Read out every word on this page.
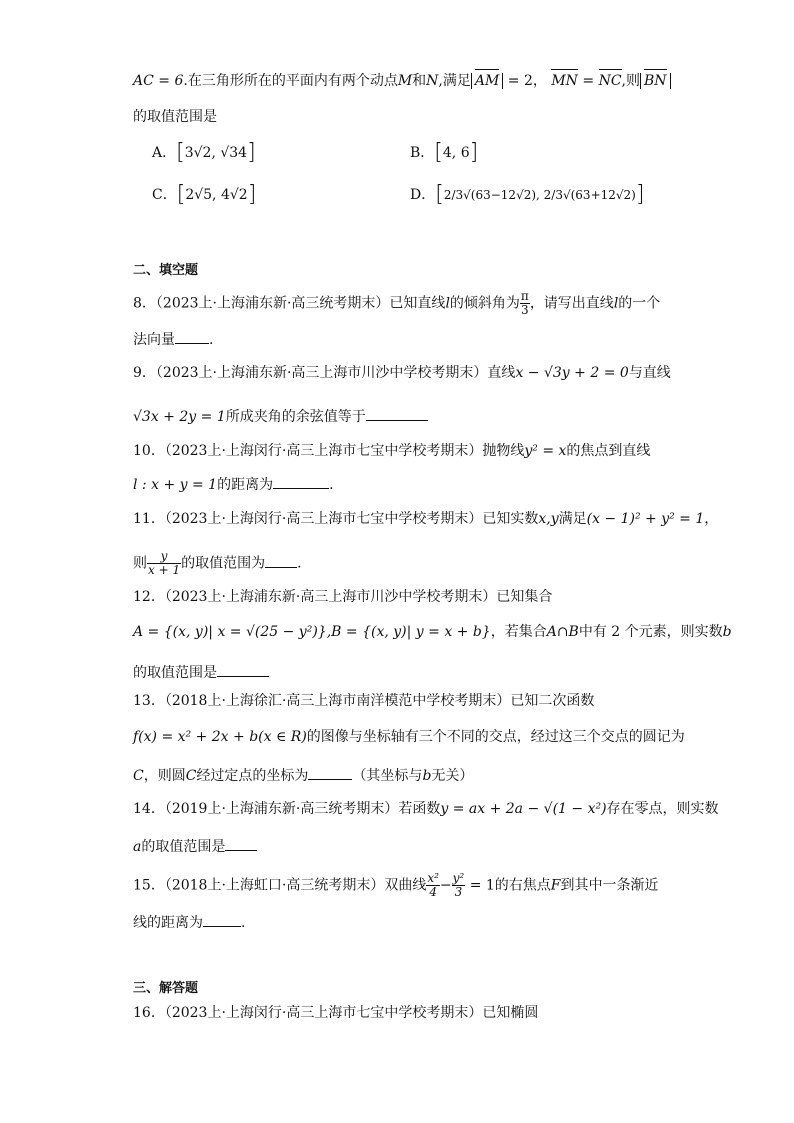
AC = 6.在三角形所在的平面内有两个动点M和N,满足 AM = 2， MN = NC,则 BN
的取值范围是
A．[3√2, √34]	B．[4, 6]
C．[2√5, 4√2]	D．[2/3√(63−12√2), 2/3√(63+12√2)]
二、填空题
8．（2023上·上海浦东新·高三统考期末）已知直线l的倾斜角为 $\frac{\pi}{3}$ ，请写出直线l的一个
法向量 .
9．（2023上·上海浦东新·高三上海市川沙中学校考期末）直线x − √3y + 2 = 0与直线
√3x + 2y = 1所成夹角的余弦值等于
10．（2023上·上海闵行·高三上海市七宝中学校考期末）抛物线y² = x的焦点到直线
l : x + y = 1的距离为	.
11．（2023上·上海闵行·高三上海市七宝中学校考期末）已知实数x,y满足(x − 1)² + y² = 1，
则 $\frac{y}{x + 1}$ 的取值范围为 .
12．（2023上·上海浦东新·高三上海市川沙中学校考期末）已知集合
A = {(x, y)| x = √(25 − y²)},B = {(x, y)| y = x + b}，若集合A∩B中有 2 个元素，则实数b
的取值范围是
13．（2018上·上海徐汇·高三上海市南洋模范中学校考期末）已知二次函数
f(x) = x² + 2x + b(x ∈ R)的图像与坐标轴有三个不同的交点，经过这三个交点的圆记为
C，则圆C经过定点的坐标为	（其坐标与b无关）
14．（2019上·上海浦东新·高三统考期末）若函数y = ax + 2a − √(1 − x²)存在零点，则实数
a的取值范围是
15．（2018上·上海虹口·高三统考期末）双曲线 $\frac{\text{x²}}{4} - \frac{\text{y²}}{3} = 1$的右焦点F到其中一条渐近
线的距离为	.
三、解答题
16．（2023上·上海闵行·高三上海市七宝中学校考期末）已知椭圆
